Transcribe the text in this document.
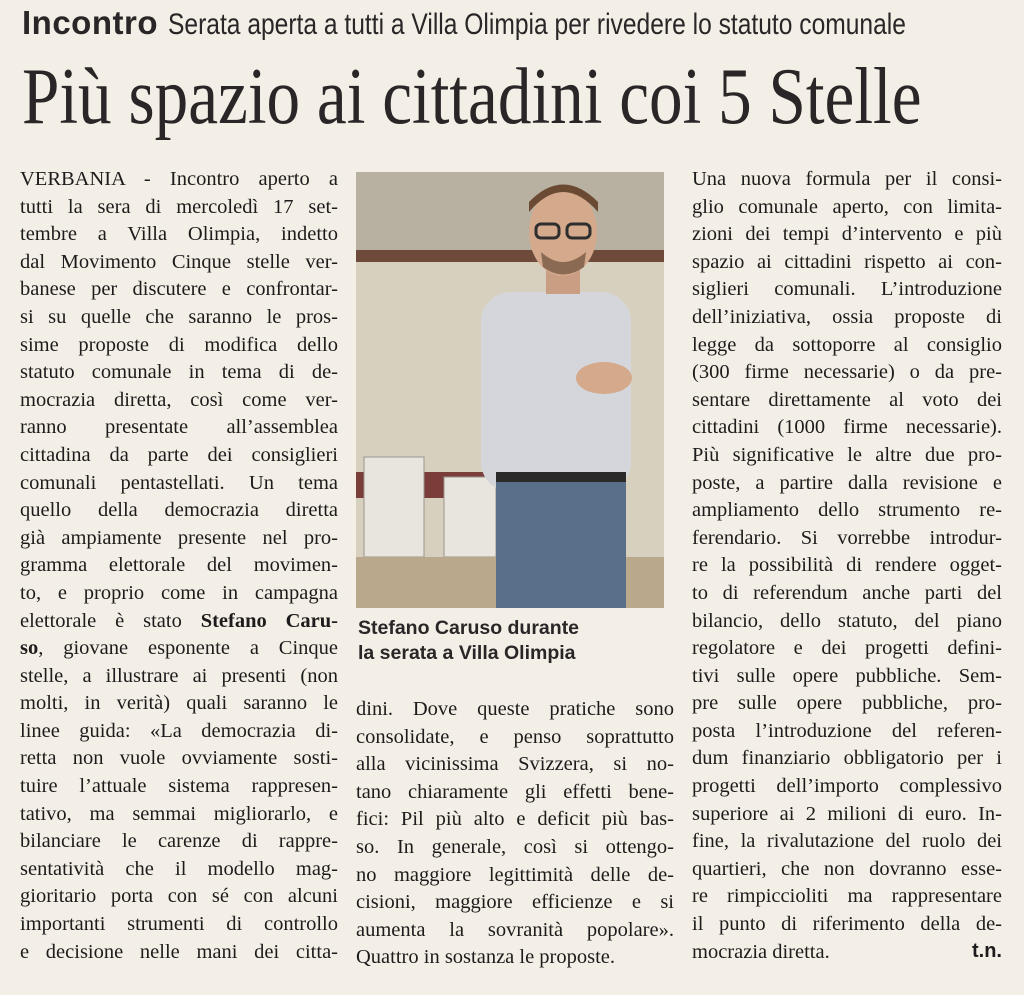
Incontro Serata aperta a tutti a Villa Olimpia per rivedere lo statuto comunale
Più spazio ai cittadini coi 5 Stelle
VERBANIA - Incontro aperto a
tutti la sera di mercoledì 17 set-
tembre a Villa Olimpia, indetto
dal Movimento Cinque stelle ver-
banese per discutere e confrontar-
si su quelle che saranno le pros-
sime proposte di modifica dello
statuto comunale in tema di de-
mocrazia diretta, così come ver-
ranno presentate all’assemblea
cittadina da parte dei consiglieri
comunali pentastellati. Un tema
quello della democrazia diretta
già ampiamente presente nel pro-
gramma elettorale del movimen-
to, e proprio come in campagna
elettorale è stato Stefano Caru-
so, giovane esponente a Cinque
stelle, a illustrare ai presenti (non
molti, in verità) quali saranno le
linee guida: «La democrazia di-
retta non vuole ovviamente sosti-
tuire l’attuale sistema rappresen-
tativo, ma semmai migliorarlo, e
bilanciare le carenze di rappre-
sentatività che il modello mag-
gioritario porta con sé con alcuni
importanti strumenti di controllo
e decisione nelle mani dei citta-
Stefano Caruso durante
la serata a Villa Olimpia
dini. Dove queste pratiche sono
consolidate, e penso soprattutto
alla vicinissima Svizzera, si no-
tano chiaramente gli effetti bene-
fici: Pil più alto e deficit più bas-
so. In generale, così si ottengo-
no maggiore legittimità delle de-
cisioni, maggiore efficienze e si
aumenta la sovranità popolare».
Quattro in sostanza le proposte.
Una nuova formula per il consi-
glio comunale aperto, con limita-
zioni dei tempi d’intervento e più
spazio ai cittadini rispetto ai con-
siglieri comunali. L’introduzione
dell’iniziativa, ossia proposte di
legge da sottoporre al consiglio
(300 firme necessarie) o da pre-
sentare direttamente al voto dei
cittadini (1000 firme necessarie).
Più significative le altre due pro-
poste, a partire dalla revisione e
ampliamento dello strumento re-
ferendario. Si vorrebbe introdur-
re la possibilità di rendere ogget-
to di referendum anche parti del
bilancio, dello statuto, del piano
regolatore e dei progetti defini-
tivi sulle opere pubbliche. Sem-
pre sulle opere pubbliche, pro-
posta l’introduzione del referen-
dum finanziario obbligatorio per i
progetti dell’importo complessivo
superiore ai 2 milioni di euro. In-
fine, la rivalutazione del ruolo dei
quartieri, che non dovranno esse-
re rimpiccioliti ma rappresentare
il punto di riferimento della de-
mocrazia diretta.	t.n.
